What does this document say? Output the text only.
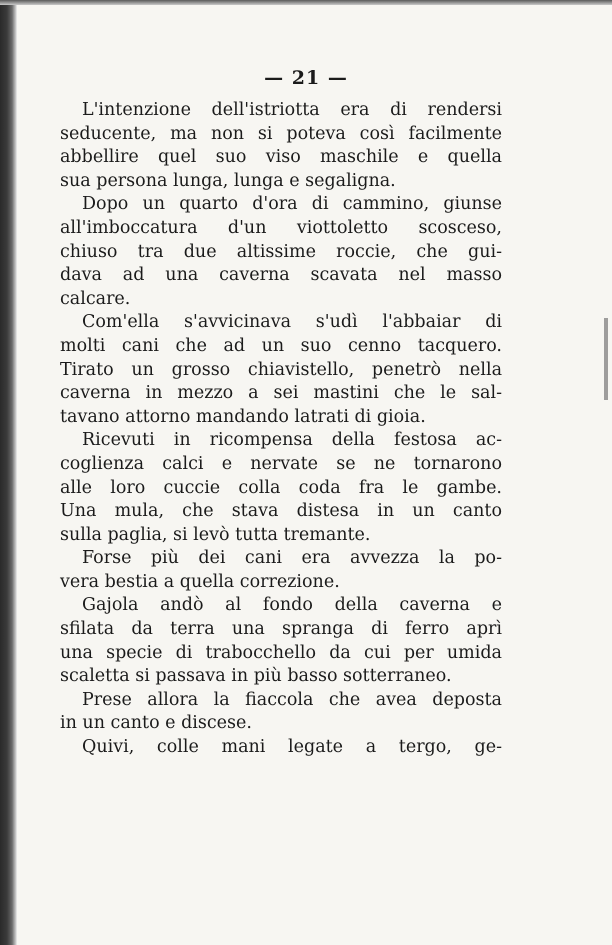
— 21 —
L'intenzione dell'istriotta era di rendersi
seducente, ma non si poteva così facilmente
abbellire quel suo viso maschile e quella
sua persona lunga, lunga e segaligna.
Dopo un quarto d'ora di cammino, giunse
all'imboccatura d'un viottoletto scosceso,
chiuso tra due altissime roccie, che gui-
dava ad una caverna scavata nel masso
calcare.
Com'ella s'avvicinava s'udì l'abbaiar di
molti cani che ad un suo cenno tacquero.
Tirato un grosso chiavistello, penetrò nella
caverna in mezzo a sei mastini che le sal-
tavano attorno mandando latrati di gioia.
Ricevuti in ricompensa della festosa ac-
coglienza calci e nervate se ne tornarono
alle loro cuccie colla coda fra le gambe.
Una mula, che stava distesa in un canto
sulla paglia, si levò tutta tremante.
Forse più dei cani era avvezza la po-
vera bestia a quella correzione.
Gajola andò al fondo della caverna e
sfilata da terra una spranga di ferro aprì
una specie di trabocchello da cui per umida
scaletta si passava in più basso sotterraneo.
Prese allora la fiaccola che avea deposta
in un canto e discese.
Quivi, colle mani legate a tergo, ge-
